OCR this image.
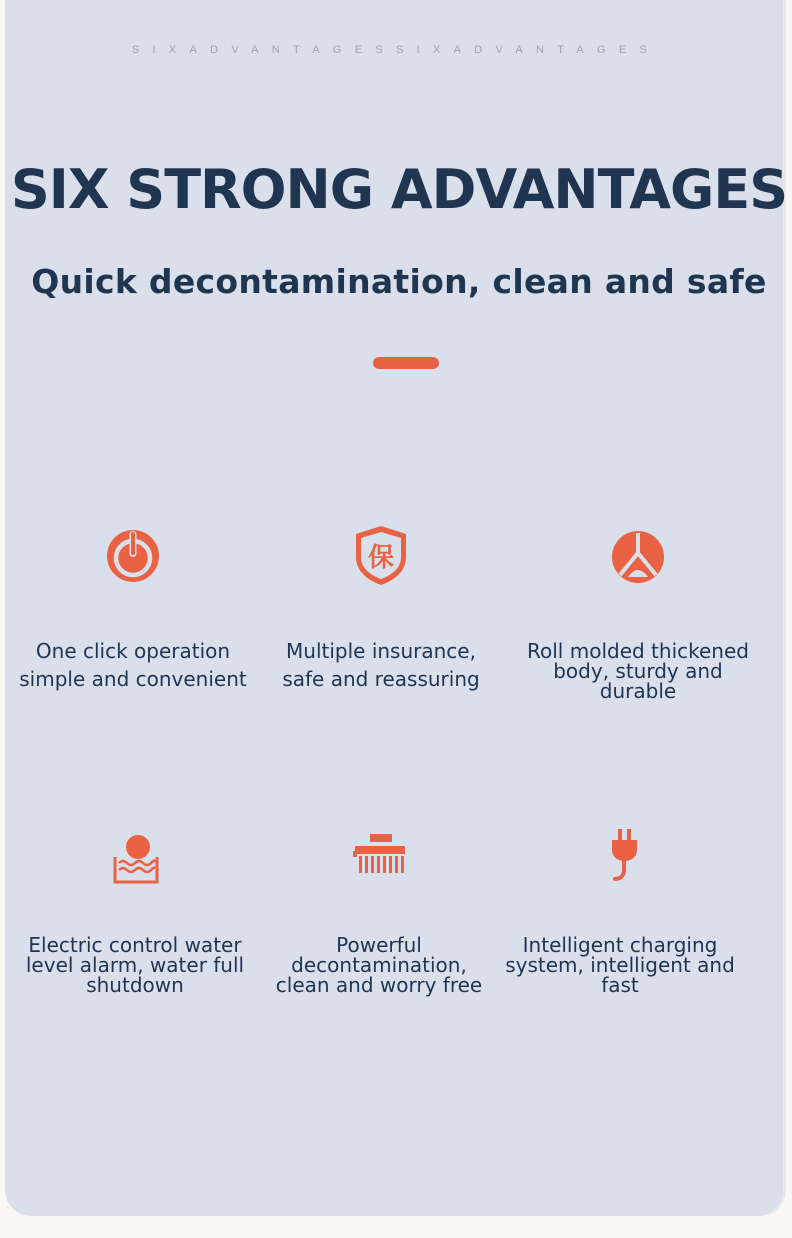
SIXADVANTAGESSIXADVANTAGES
SIX STRONG ADVANTAGES
Quick decontamination, clean and safe
One click operation simple and convenient
保
Multiple insurance, safe and reassuring
Roll molded thickened body, sturdy and durable
Electric control water level alarm, water full shutdown
Powerful decontamination, clean and worry free
Intelligent charging system, intelligent and fast
